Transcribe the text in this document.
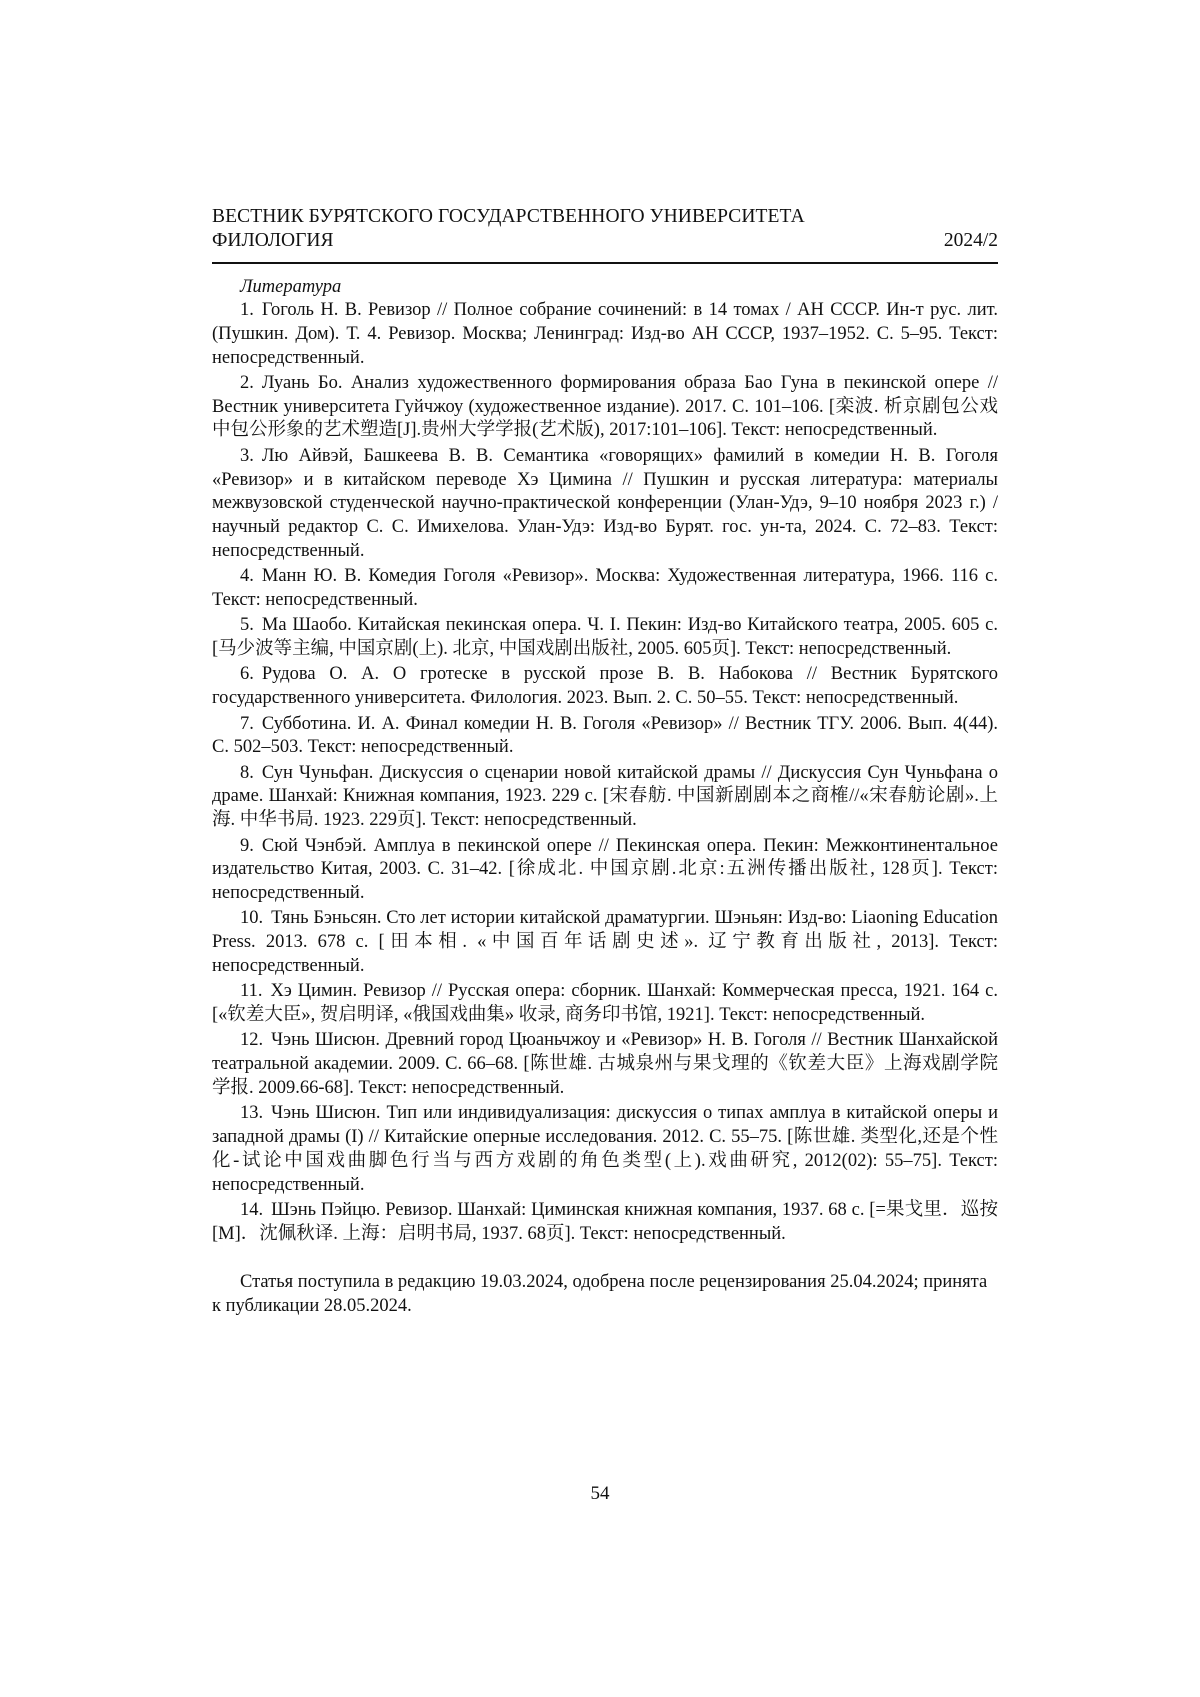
ВЕСТНИК БУРЯТСКОГО ГОСУДАРСТВЕННОГО УНИВЕРСИТЕТА
ФИЛОЛОГИЯ	2024/2
Литература
1. Гоголь Н. В. Ревизор // Полное собрание сочинений: в 14 томах / АН СССР. Ин-т рус. лит. (Пушкин. Дом). Т. 4. Ревизор. Москва; Ленинград: Изд-во АН СССР, 1937–1952. С. 5–95. Текст: непосредственный.
2. Луань Бо. Анализ художественного формирования образа Бао Гуна в пекинской опере // Вестник университета Гуйчжоу (художественное издание). 2017. С. 101–106. [栾波. 析京剧包公戏中包公形象的艺术塑造[J].贵州大学学报(艺术版), 2017:101–106]. Текст: непосредственный.
3. Лю Айвэй, Башкеева В. В. Семантика «говорящих» фамилий в комедии Н. В. Гоголя «Ревизор» и в китайском переводе Хэ Цимина // Пушкин и русская литература: материалы межвузовской студенческой научно-практической конференции (Улан-Удэ, 9–10 ноября 2023 г.) / научный редактор С. С. Имихелова. Улан-Удэ: Изд-во Бурят. гос. ун-та, 2024. С. 72–83. Текст: непосредственный.
4. Манн Ю. В. Комедия Гоголя «Ревизор». Москва: Художественная литература, 1966. 116 с. Текст: непосредственный.
5. Ма Шаобо. Китайская пекинская опера. Ч. I. Пекин: Изд-во Китайского театра, 2005. 605 с. [马少波等主编, 中国京剧(上). 北京, 中国戏剧出版社, 2005. 605页]. Текст: непосредственный.
6. Рудова О. А. О гротеске в русской прозе В. В. Набокова // Вестник Бурятского государственного университета. Филология. 2023. Вып. 2. С. 50–55. Текст: непосредственный.
7. Субботина. И. А. Финал комедии Н. В. Гоголя «Ревизор» // Вестник ТГУ. 2006. Вып. 4(44). С. 502–503. Текст: непосредственный.
8. Сун Чуньфан. Дискуссия о сценарии новой китайской драмы // Дискуссия Сун Чуньфана о драме. Шанхай: Книжная компания, 1923. 229 с. [宋春舫. 中国新剧剧本之商榷//«宋春舫论剧».上海. 中华书局. 1923. 229页]. Текст: непосредственный.
9. Сюй Чэнбэй. Амплуа в пекинской опере // Пекинская опера. Пекин: Межконтинентальное издательство Китая, 2003. С. 31–42. [徐成北. 中国京剧.北京:五洲传播出版社, 128页]. Текст: непосредственный.
10. Тянь Бэньсян. Сто лет истории китайской драматургии. Шэньян: Изд-во: Liaoning Education Press. 2013. 678 с. [田本相. «中国百年话剧史述». 辽宁教育出版社, 2013]. Текст: непосредственный.
11. Хэ Цимин. Ревизор // Русская опера: сборник. Шанхай: Коммерческая пресса, 1921. 164 с. [«钦差大臣», 贺启明译, «俄国戏曲集» 收录, 商务印书馆, 1921]. Текст: непосредственный.
12. Чэнь Шисюн. Древний город Цюаньчжоу и «Ревизор» Н. В. Гоголя // Вестник Шанхайской театральной академии. 2009. С. 66–68. [陈世雄. 古城泉州与果戈理的《钦差大臣》上海戏剧学院学报. 2009.66-68]. Текст: непосредственный.
13. Чэнь Шисюн. Тип или индивидуализация: дискуссия о типах амплуа в китайской оперы и западной драмы (I) // Китайские оперные исследования. 2012. С. 55–75. [陈世雄. 类型化,还是个性化-试论中国戏曲脚色行当与西方戏剧的角色类型(上).戏曲研究, 2012(02): 55–75]. Текст: непосредственный.
14. Шэнь Пэйцю. Ревизор. Шанхай: Циминская книжная компания, 1937. 68 с. [=果戈里．巡按[M]．沈佩秋译. 上海：启明书局, 1937. 68页]. Текст: непосредственный.
Статья поступила в редакцию 19.03.2024, одобрена после рецензирования 25.04.2024; принята к публикации 28.05.2024.
54
